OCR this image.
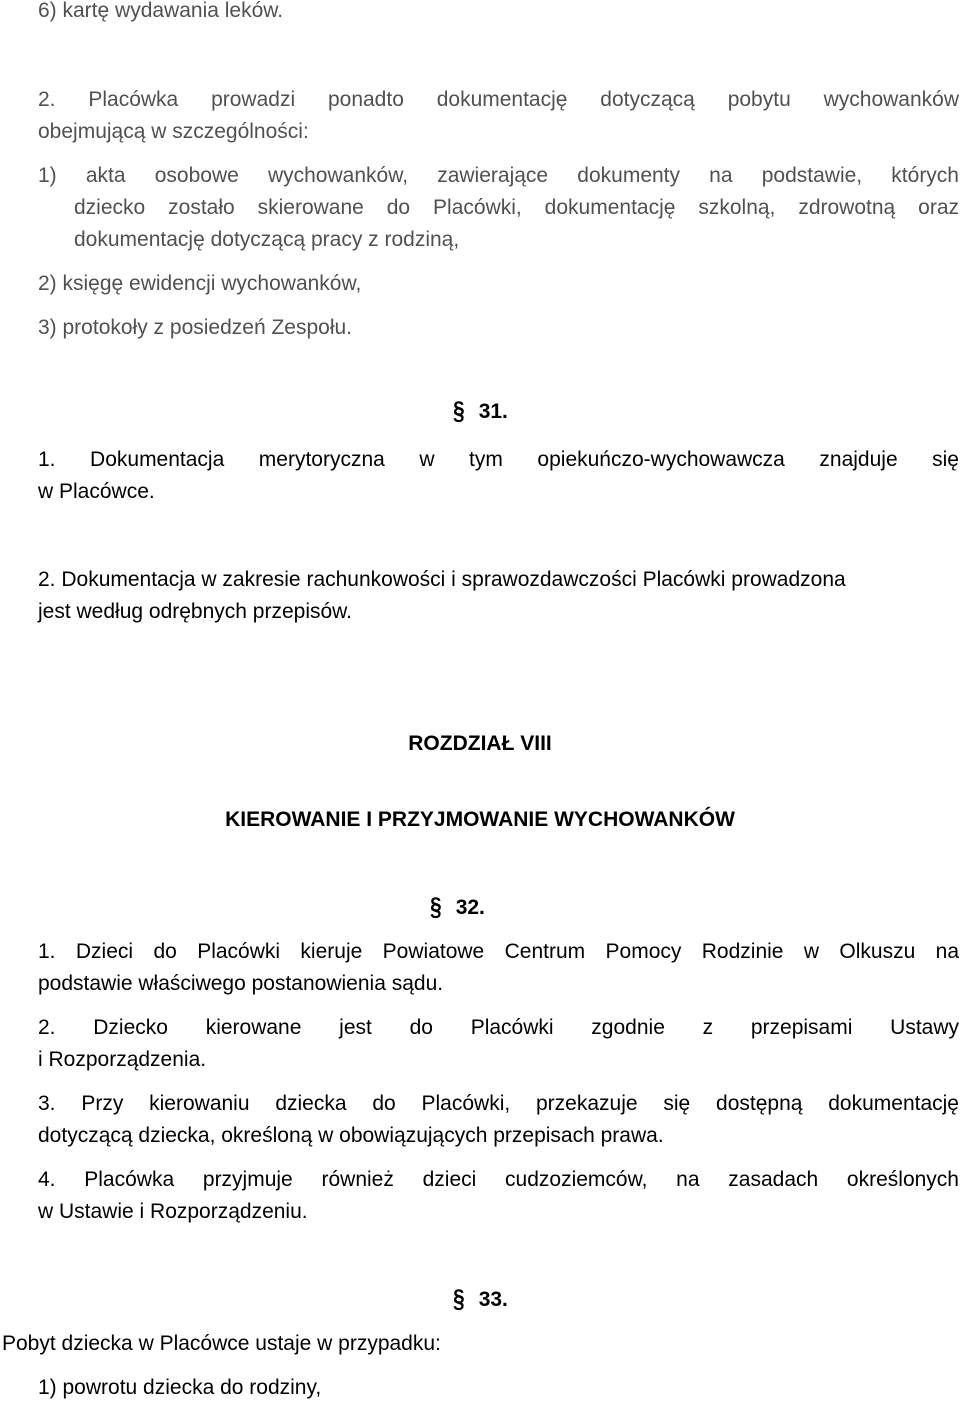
6) kartę wydawania leków.
2. Placówka prowadzi ponadto dokumentację dotyczącą pobytu wychowanków
obejmującą w szczególności:
1) akta osobowe wychowanków, zawierające dokumenty na podstawie, których
dziecko zostało skierowane do Placówki, dokumentację szkolną, zdrowotną oraz
dokumentację dotyczącą pracy z rodziną,
2) księgę ewidencji wychowanków,
3) protokoły z posiedzeń Zespołu.
§ 31.
1. Dokumentacja merytoryczna w tym opiekuńczo-wychowawcza znajduje się
w Placówce.
2. Dokumentacja w zakresie rachunkowości i sprawozdawczości Placówki prowadzona
jest według odrębnych przepisów.
ROZDZIAŁ VIII
KIEROWANIE I PRZYJMOWANIE WYCHOWANKÓW
§ 32.
1. Dzieci do Placówki kieruje Powiatowe Centrum Pomocy Rodzinie w Olkuszu na
podstawie właściwego postanowienia sądu.
2. Dziecko kierowane jest do Placówki zgodnie z przepisami Ustawy
i Rozporządzenia.
3. Przy kierowaniu dziecka do Placówki, przekazuje się dostępną dokumentację
dotyczącą dziecka, określoną w obowiązujących przepisach prawa.
4. Placówka przyjmuje również dzieci cudzoziemców, na zasadach określonych
w Ustawie i Rozporządzeniu.
§ 33.
Pobyt dziecka w Placówce ustaje w przypadku:
1) powrotu dziecka do rodziny,
